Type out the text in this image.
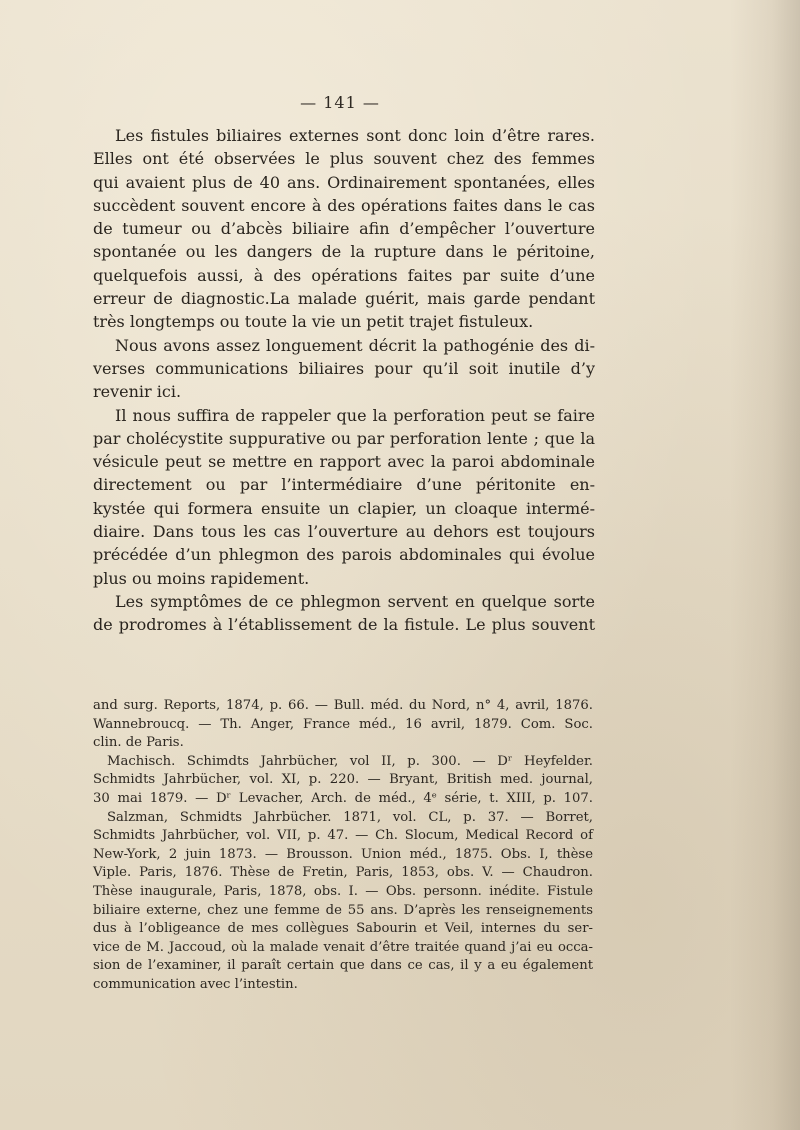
— 141 —
Les fistules biliaires externes sont donc loin d’être rares.
Elles ont été observées le plus souvent chez des femmes
qui avaient plus de 40 ans. Ordinairement spontanées, elles
succèdent souvent encore à des opérations faites dans le cas
de tumeur ou d’abcès biliaire afin d’empêcher l’ouverture
spontanée ou les dangers de la rupture dans le péritoine,
quelquefois aussi, à des opérations faites par suite d’une
erreur de diagnostic.La malade guérit, mais garde pendant
très longtemps ou toute la vie un petit trajet fistuleux.
Nous avons assez longuement décrit la pathogénie des di-
verses communications biliaires pour qu’il soit inutile d’y
revenir ici.
Il nous suffira de rappeler que la perforation peut se faire
par cholécystite suppurative ou par perforation lente ; que la
vésicule peut se mettre en rapport avec la paroi abdominale
directement ou par l’intermédiaire d’une péritonite en-
kystée qui formera ensuite un clapier, un cloaque intermé-
diaire. Dans tous les cas l’ouverture au dehors est toujours
précédée d’un phlegmon des parois abdominales qui évolue
plus ou moins rapidement.
Les symptômes de ce phlegmon servent en quelque sorte
de prodromes à l’établissement de la fistule. Le plus souvent
and surg. Reports, 1874, p. 66. — Bull. méd. du Nord, n° 4, avril, 1876.
Wannebroucq. — Th. Anger, France méd., 16 avril, 1879. Com. Soc.
clin. de Paris.
Machisch. Schimdts Jahrbücher, vol II, p. 300. — Dʳ Heyfelder.
Schmidts Jahrbücher, vol. XI, p. 220. — Bryant, British med. journal,
30 mai 1879. — Dʳ Levacher, Arch. de méd., 4ᵉ série, t. XIII, p. 107.
Salzman, Schmidts Jahrbücher. 1871, vol. CL, p. 37. — Borret,
Schmidts Jahrbücher, vol. VII, p. 47. — Ch. Slocum, Medical Record of
New-York, 2 juin 1873. — Brousson. Union méd., 1875. Obs. I, thèse
Viple. Paris, 1876. Thèse de Fretin, Paris, 1853, obs. V. — Chaudron.
Thèse inaugurale, Paris, 1878, obs. I. — Obs. personn. inédite. Fistule
biliaire externe, chez une femme de 55 ans. D’après les renseignements
dus à l’obligeance de mes collègues Sabourin et Veil, internes du ser-
vice de M. Jaccoud, où la malade venait d’être traitée quand j’ai eu occa-
sion de l’examiner, il paraît certain que dans ce cas, il y a eu également
communication avec l’intestin.
